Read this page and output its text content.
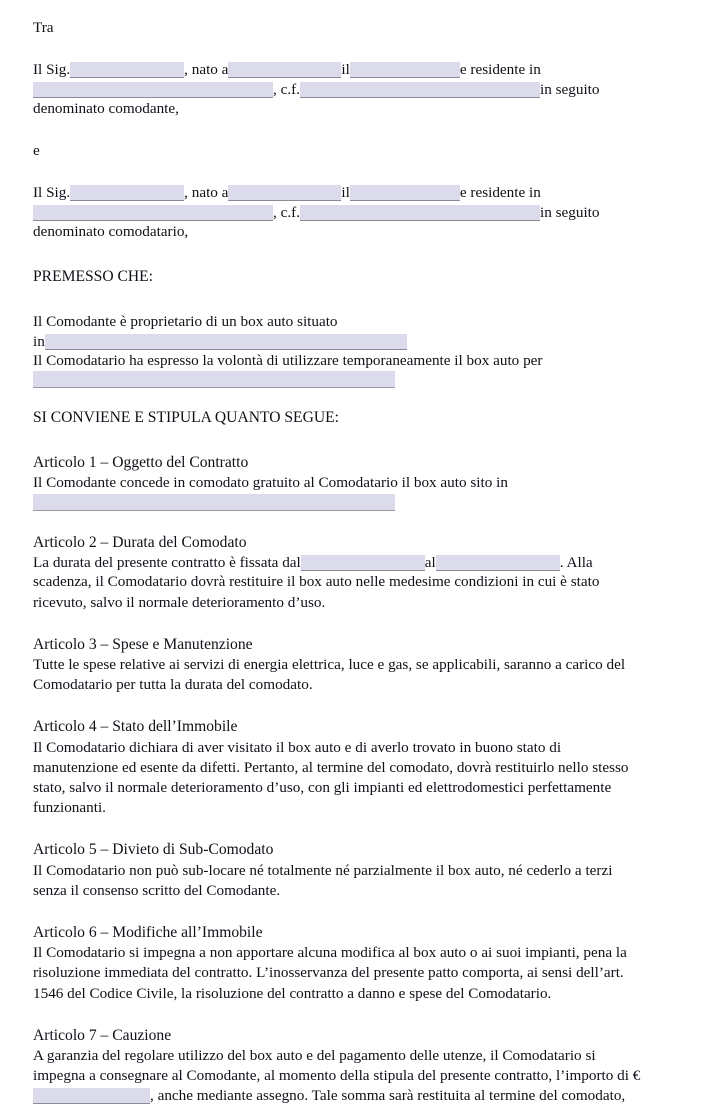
Tra
Il Sig.	, nato a	il	e residente in
, c.f.	in seguito
denominato comodante,
e
Il Sig.	, nato a	il	e residente in
, c.f.	in seguito
denominato comodatario,
PREMESSO CHE:
Il Comodante è proprietario di un box auto situato
in
Il Comodatario ha espresso la volontà di utilizzare temporaneamente il box auto per
SI CONVIENE E STIPULA QUANTO SEGUE:
Articolo 1 – Oggetto del Contratto
Il Comodante concede in comodato gratuito al Comodatario il box auto sito in
Articolo 2 – Durata del Comodato
La durata del presente contratto è fissata dal	al	. Alla
scadenza, il Comodatario dovrà restituire il box auto nelle medesime condizioni in cui è stato
ricevuto, salvo il normale deterioramento d’uso.
Articolo 3 – Spese e Manutenzione
Tutte le spese relative ai servizi di energia elettrica, luce e gas, se applicabili, saranno a carico del
Comodatario per tutta la durata del comodato.
Articolo 4 – Stato dell’Immobile
Il Comodatario dichiara di aver visitato il box auto e di averlo trovato in buono stato di
manutenzione ed esente da difetti. Pertanto, al termine del comodato, dovrà restituirlo nello stesso
stato, salvo il normale deterioramento d’uso, con gli impianti ed elettrodomestici perfettamente
funzionanti.
Articolo 5 – Divieto di Sub-Comodato
Il Comodatario non può sub-locare né totalmente né parzialmente il box auto, né cederlo a terzi
senza il consenso scritto del Comodante.
Articolo 6 – Modifiche all’Immobile
Il Comodatario si impegna a non apportare alcuna modifica al box auto o ai suoi impianti, pena la
risoluzione immediata del contratto. L’inosservanza del presente patto comporta, ai sensi dell’art.
1546 del Codice Civile, la risoluzione del contratto a danno e spese del Comodatario.
Articolo 7 – Cauzione
A garanzia del regolare utilizzo del box auto e del pagamento delle utenze, il Comodatario si
impegna a consegnare al Comodante, al momento della stipula del presente contratto, l’importo di €
, anche mediante assegno. Tale somma sarà restituita al termine del comodato,
